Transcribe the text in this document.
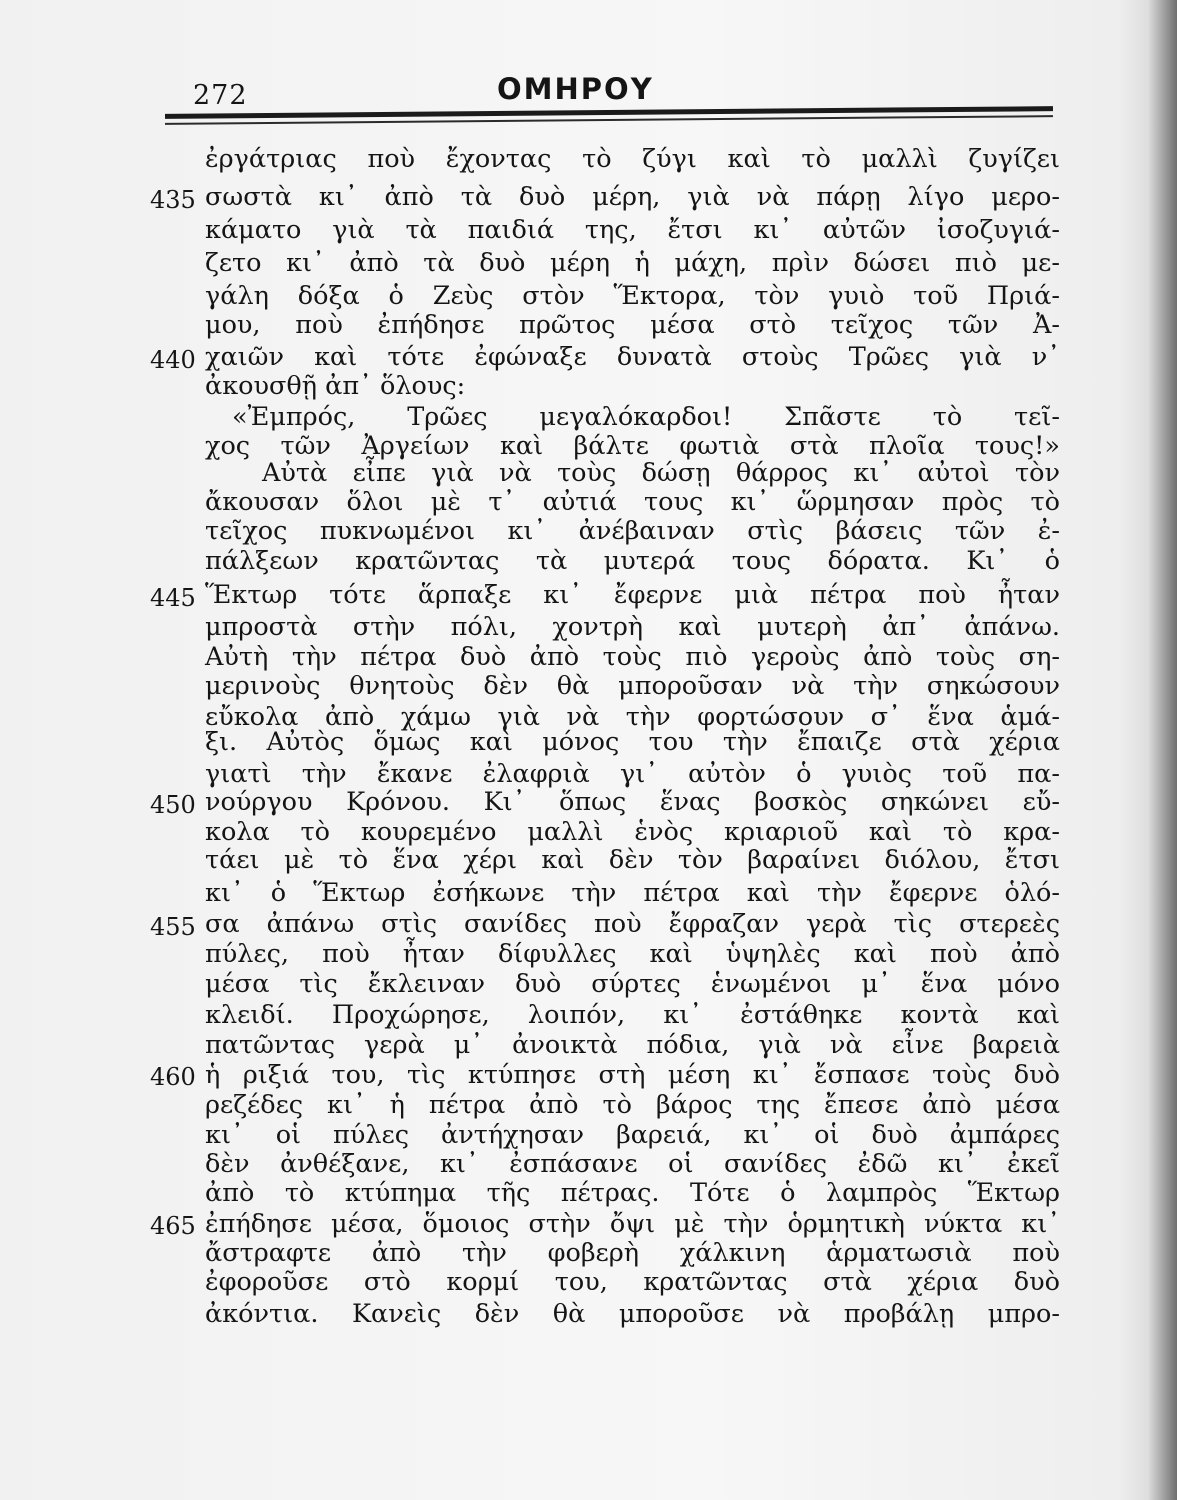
272	ΟΜΗΡΟΥ
435
440
445
450
455
460
465
ἐργάτριας ποὺ ἔχοντας τὸ ζύγι καὶ τὸ μαλλὶ ζυγίζει
σωστὰ κι᾿ ἀπὸ τὰ δυὸ μέρη, γιὰ νὰ πάρῃ λίγο μερο-
κάματο γιὰ τὰ παιδιά της, ἔτσι κι᾿ αὐτῶν ἰσοζυγιά-
ζετο κι᾿ ἀπὸ τὰ δυὸ μέρη ἡ μάχη, πρὶν δώσει πιὸ με-
γάλη δόξα ὁ Ζεὺς στὸν Ἕκτορα, τὸν γυιὸ τοῦ Πριά-
μου, ποὺ ἐπήδησε πρῶτος μέσα στὸ τεῖχος τῶν Ἀ-
χαιῶν καὶ τότε ἐφώναξε δυνατὰ στοὺς Τρῶες γιὰ ν᾿
ἀκουσθῇ ἀπ᾿ ὅλους:
«Ἐμπρός, Τρῶες μεγαλόκαρδοι! Σπᾶστε τὸ τεῖ-
χος τῶν Ἀργείων καὶ βάλτε φωτιὰ στὰ πλοῖα τους!»
Αὐτὰ εἶπε γιὰ νὰ τοὺς δώσῃ θάρρος κι᾿ αὐτοὶ τὸν
ἄκουσαν ὅλοι μὲ τ᾿ αὐτιά τους κι᾿ ὥρμησαν πρὸς τὸ
τεῖχος πυκνωμένοι κι᾿ ἀνέβαιναν στὶς βάσεις τῶν ἐ-
πάλξεων κρατῶντας τὰ μυτερά τους δόρατα. Κι᾿ ὁ
Ἕκτωρ τότε ἅρπαξε κι᾿ ἔφερνε μιὰ πέτρα ποὺ ἦταν
μπροστὰ στὴν πόλι, χοντρὴ καὶ μυτερὴ ἀπ᾿ ἀπάνω.
Αὐτὴ τὴν πέτρα δυὸ ἀπὸ τοὺς πιὸ γεροὺς ἀπὸ τοὺς ση-
μερινοὺς θνητοὺς δὲν θὰ μποροῦσαν νὰ τὴν σηκώσουν
εὔκολα ἀπὸ χάμω γιὰ νὰ τὴν φορτώσουν σ᾿ ἕνα ἁμά-
ξι. Αὐτὸς ὅμως καὶ μόνος του τὴν ἔπαιζε στὰ χέρια
γιατὶ τὴν ἔκανε ἐλαφριὰ γι᾿ αὐτὸν ὁ γυιὸς τοῦ πα-
νούργου Κρόνου. Κι᾿ ὅπως ἕνας βοσκὸς σηκώνει εὔ-
κολα τὸ κουρεμένο μαλλὶ ἑνὸς κριαριοῦ καὶ τὸ κρα-
τάει μὲ τὸ ἕνα χέρι καὶ δὲν τὸν βαραίνει διόλου, ἔτσι
κι᾿ ὁ Ἕκτωρ ἐσήκωνε τὴν πέτρα καὶ τὴν ἔφερνε ὁλό-
σα ἀπάνω στὶς σανίδες ποὺ ἔφραζαν γερὰ τὶς στερεὲς
πύλες, ποὺ ἦταν δίφυλλες καὶ ὑψηλὲς καὶ ποὺ ἀπὸ
μέσα τὶς ἔκλειναν δυὸ σύρτες ἑνωμένοι μ᾿ ἕνα μόνο
κλειδί. Προχώρησε, λοιπόν, κι᾿ ἐστάθηκε κοντὰ καὶ
πατῶντας γερὰ μ᾿ ἀνοικτὰ πόδια, γιὰ νὰ εἶνε βαρειὰ
ἡ ριξιά του, τὶς κτύπησε στὴ μέση κι᾿ ἔσπασε τοὺς δυὸ
ρεζέδες κι᾿ ἡ πέτρα ἀπὸ τὸ βάρος της ἔπεσε ἀπὸ μέσα
κι᾿ οἱ πύλες ἀντήχησαν βαρειά, κι᾿ οἱ δυὸ ἀμπάρες
δὲν ἀνθέξανε, κι᾿ ἐσπάσανε οἱ σανίδες ἐδῶ κι᾿ ἐκεῖ
ἀπὸ τὸ κτύπημα τῆς πέτρας. Τότε ὁ λαμπρὸς Ἕκτωρ
ἐπήδησε μέσα, ὅμοιος στὴν ὄψι μὲ τὴν ὁρμητικὴ νύκτα κι᾿
ἄστραφτε ἀπὸ τὴν φοβερὴ χάλκινη ἁρματωσιὰ ποὺ
ἐφοροῦσε στὸ κορμί του, κρατῶντας στὰ χέρια δυὸ
ἀκόντια. Κανεὶς δὲν θὰ μποροῦσε νὰ προβάλῃ μπρο-
